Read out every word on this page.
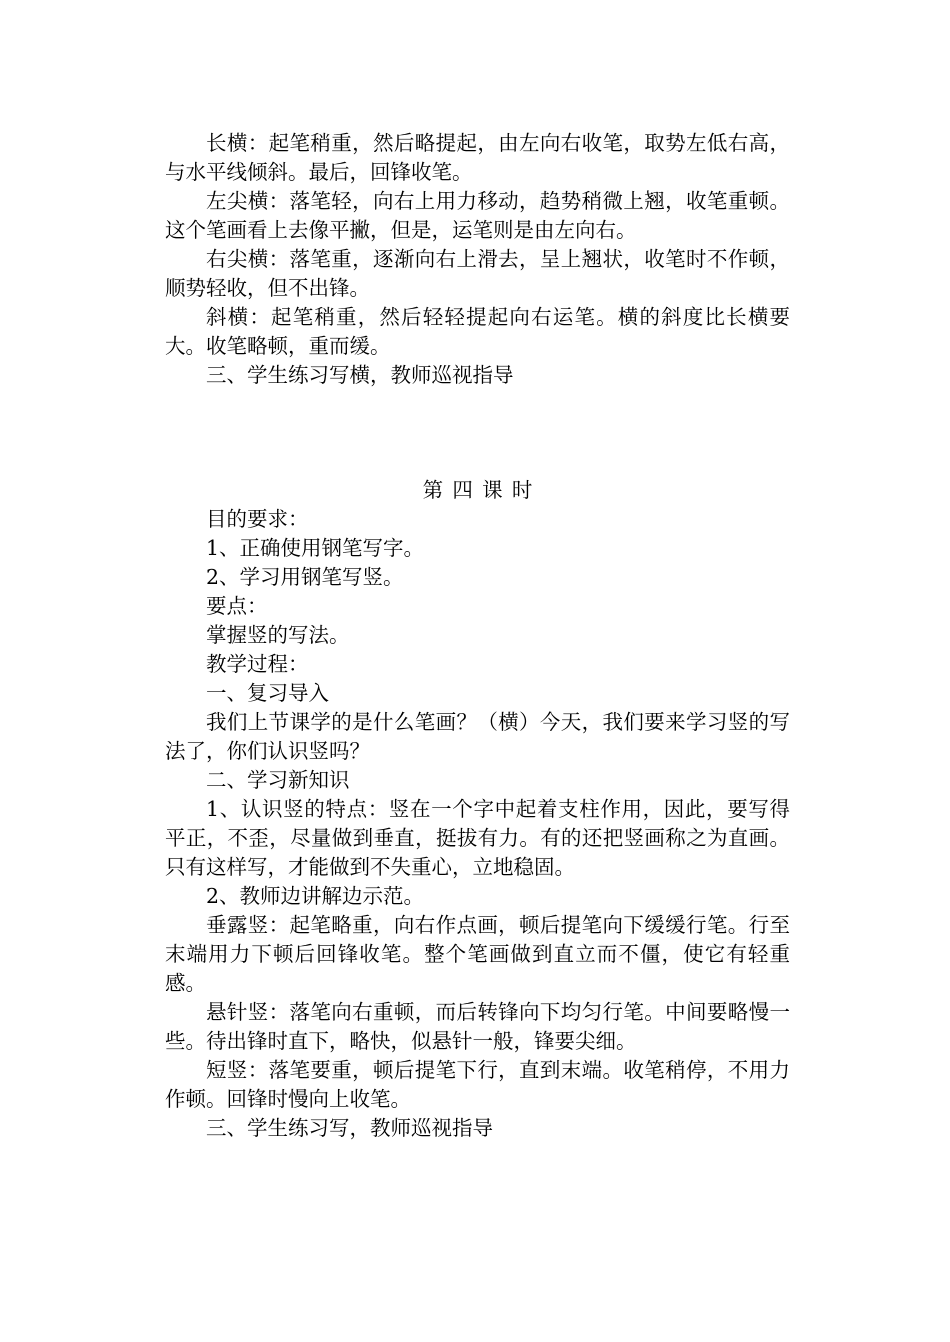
长横：起笔稍重，然后略提起，由左向右收笔，取势左低右高，与水平线倾斜。最后，回锋收笔。

左尖横：落笔轻，向右上用力移动，趋势稍微上翘，收笔重顿。这个笔画看上去像平撇，但是，运笔则是由左向右。

右尖横：落笔重，逐渐向右上滑去，呈上翘状，收笔时不作顿，顺势轻收，但不出锋。

斜横：起笔稍重，然后轻轻提起向右运笔。横的斜度比长横要大。收笔略顿，重而缓。

三、学生练习写横，教师巡视指导

第四课时

目的要求：

1、正确使用钢笔写字。

2、学习用钢笔写竖。

要点：

掌握竖的写法。

教学过程：

一、复习导入

我们上节课学的是什么笔画？（横）今天，我们要来学习竖的写法了，你们认识竖吗？

二、学习新知识

1、认识竖的特点：竖在一个字中起着支柱作用，因此，要写得平正，不歪，尽量做到垂直，挺拔有力。有的还把竖画称之为直画。只有这样写，才能做到不失重心，立地稳固。

2、教师边讲解边示范。

垂露竖：起笔略重，向右作点画，顿后提笔向下缓缓行笔。行至末端用力下顿后回锋收笔。整个笔画做到直立而不僵，使它有轻重感。

悬针竖：落笔向右重顿，而后转锋向下均匀行笔。中间要略慢一些。待出锋时直下，略快，似悬针一般，锋要尖细。

短竖：落笔要重，顿后提笔下行，直到末端。收笔稍停，不用力作顿。回锋时慢向上收笔。

三、学生练习写，教师巡视指导
